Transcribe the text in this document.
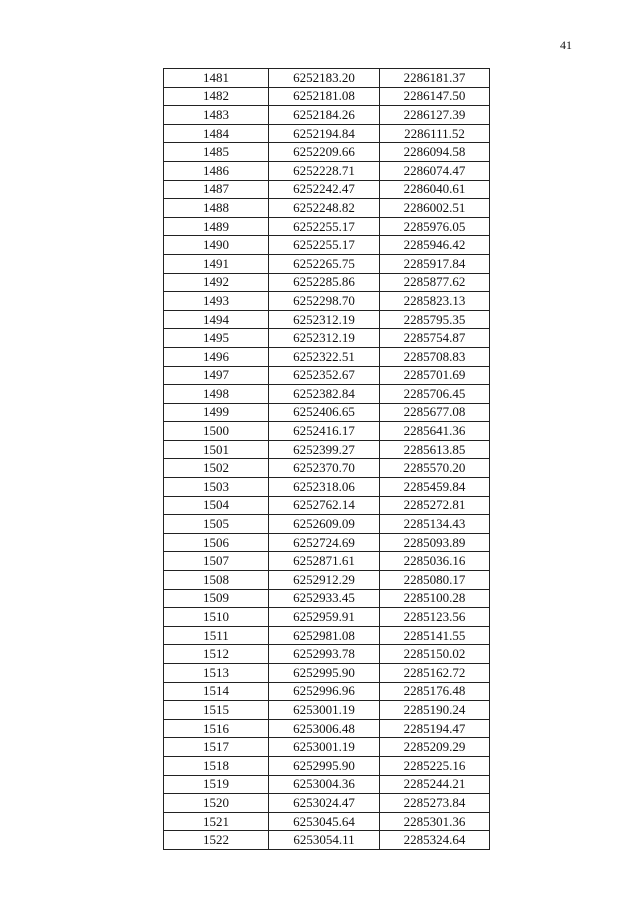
41
1481	6252183.20	2286181.37
1482	6252181.08	2286147.50
1483	6252184.26	2286127.39
1484	6252194.84	2286111.52
1485	6252209.66	2286094.58
1486	6252228.71	2286074.47
1487	6252242.47	2286040.61
1488	6252248.82	2286002.51
1489	6252255.17	2285976.05
1490	6252255.17	2285946.42
1491	6252265.75	2285917.84
1492	6252285.86	2285877.62
1493	6252298.70	2285823.13
1494	6252312.19	2285795.35
1495	6252312.19	2285754.87
1496	6252322.51	2285708.83
1497	6252352.67	2285701.69
1498	6252382.84	2285706.45
1499	6252406.65	2285677.08
1500	6252416.17	2285641.36
1501	6252399.27	2285613.85
1502	6252370.70	2285570.20
1503	6252318.06	2285459.84
1504	6252762.14	2285272.81
1505	6252609.09	2285134.43
1506	6252724.69	2285093.89
1507	6252871.61	2285036.16
1508	6252912.29	2285080.17
1509	6252933.45	2285100.28
1510	6252959.91	2285123.56
1511	6252981.08	2285141.55
1512	6252993.78	2285150.02
1513	6252995.90	2285162.72
1514	6252996.96	2285176.48
1515	6253001.19	2285190.24
1516	6253006.48	2285194.47
1517	6253001.19	2285209.29
1518	6252995.90	2285225.16
1519	6253004.36	2285244.21
1520	6253024.47	2285273.84
1521	6253045.64	2285301.36
1522	6253054.11	2285324.64
